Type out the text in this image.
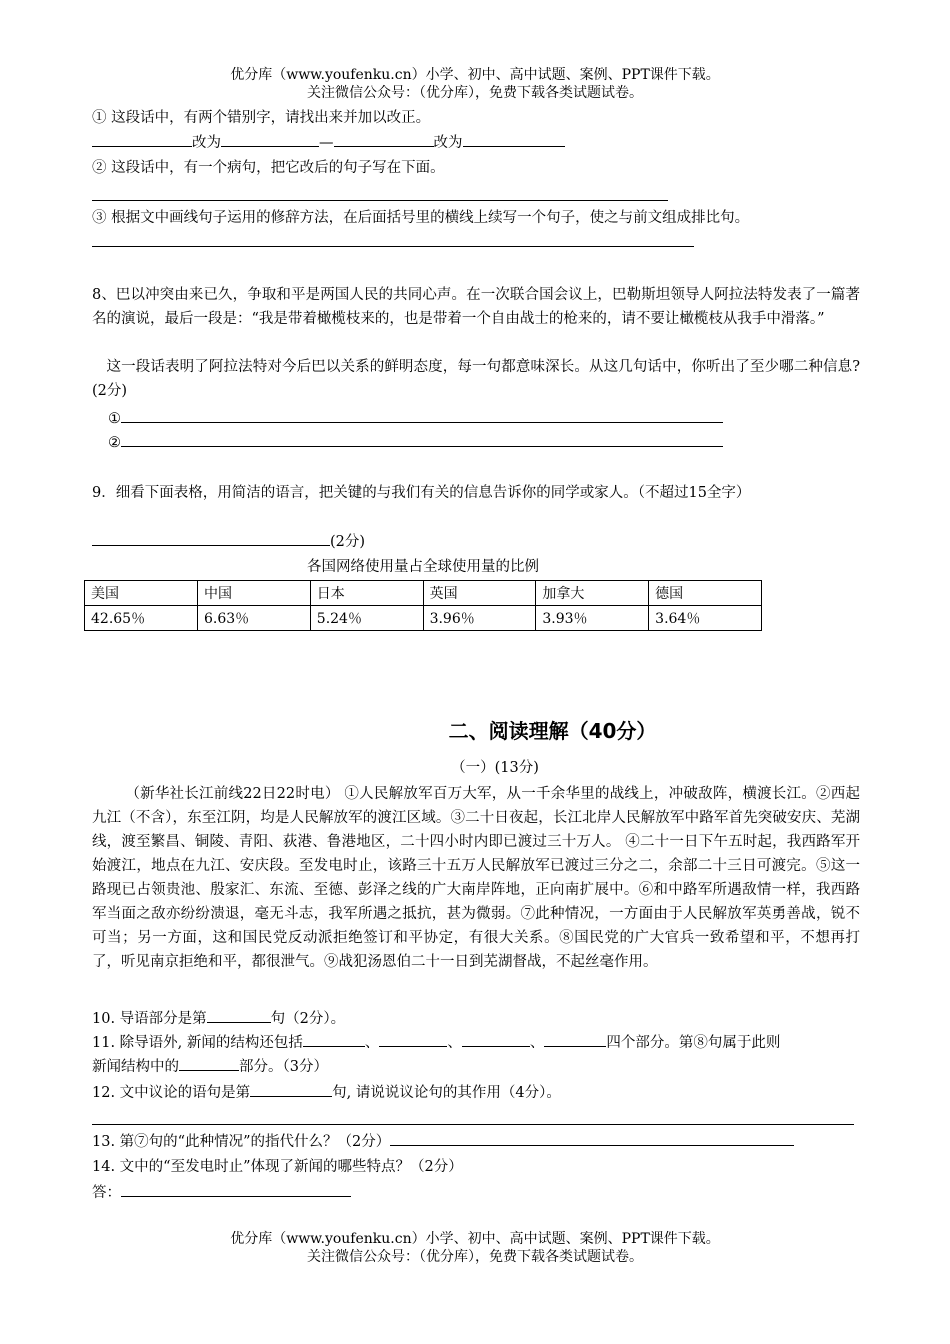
优分库（www.youfenku.cn）小学、初中、高中试题、案例、PPT课件下载。
关注微信公众号：（优分库），免费下载各类试题试卷。
① 这段话中，有两个错别字，请找出来并加以改正。
改为	—	改为
② 这段话中，有一个病句，把它改后的句子写在下面。
③ 根据文中画线句子运用的修辞方法，在后面括号里的横线上续写一个句子，使之与前文组成排比句。
8、巴以冲突由来已久，争取和平是两国人民的共同心声。在一次联合国会议上，巴勒斯坦领导人阿拉法特发表了一篇著名的演说，最后一段是：“我是带着橄榄枝来的，也是带着一个自由战士的枪来的，请不要让橄榄枝从我手中滑落。”
这一段话表明了阿拉法特对今后巴以关系的鲜明态度，每一句都意味深长。从这几句话中，你听出了至少哪二种信息?(2分)
①
②
9．细看下面表格，用简洁的语言，把关键的与我们有关的信息告诉你的同学或家人。（不超过15全字）
(2分)
各国网络使用量占全球使用量的比例
美国	中国	日本	英国	加拿大	德国
42.65％	6.63％	5.24％	3.96％	3.93％	3.64％
二、阅读理解（40分）
（一）(13分)
（新华社长江前线22日22时电） ①人民解放军百万大军，从一千余华里的战线上，冲破敌阵，横渡长江。②西起九江（不含），东至江阴，均是人民解放军的渡江区域。③二十日夜起，长江北岸人民解放军中路军首先突破安庆、芜湖线，渡至繁昌、铜陵、青阳、荻港、鲁港地区，二十四小时内即已渡过三十万人。 ④二十一日下午五时起，我西路军开始渡江，地点在九江、安庆段。至发电时止，该路三十五万人民解放军已渡过三分之二，余部二十三日可渡完。⑤这一路现已占领贵池、殷家汇、东流、至德、彭泽之线的广大南岸阵地，正向南扩展中。⑥和中路军所遇敌情一样，我西路军当面之敌亦纷纷溃退，毫无斗志，我军所遇之抵抗，甚为微弱。⑦此种情况，一方面由于人民解放军英勇善战，锐不可当；另一方面，这和国民党反动派拒绝签订和平协定，有很大关系。⑧国民党的广大官兵一致希望和平，不想再打了，听见南京拒绝和平，都很泄气。⑨战犯汤恩伯二十一日到芜湖督战，不起丝毫作用。
10. 导语部分是第	句（2分）。
11. 除导语外, 新闻的结构还包括	、	、	、	四个部分。第⑧句属于此则
新闻结构中的	部分。（3分）
12. 文中议论的语句是第	句, 请说说议论句的其作用（4分）。
13. 第⑦句的“此种情况”的指代什么？（2分）
14. 文中的“至发电时止”体现了新闻的哪些特点？（2分）
答：
优分库（www.youfenku.cn）小学、初中、高中试题、案例、PPT课件下载。
关注微信公众号：（优分库），免费下载各类试题试卷。
